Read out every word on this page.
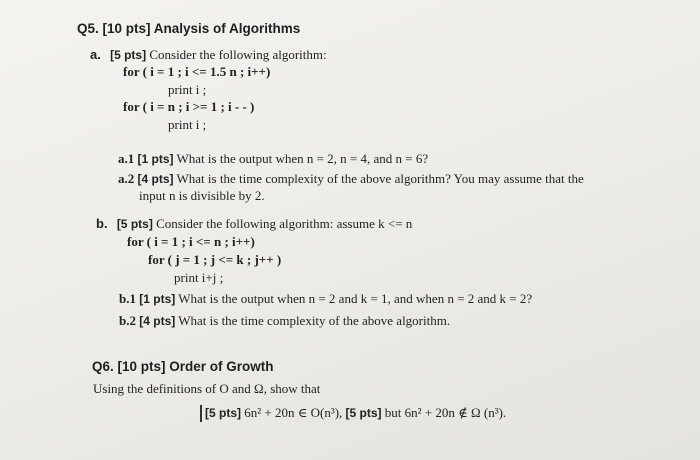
Q5. [10 pts] Analysis of Algorithms
a. [5 pts] Consider the following algorithm:
for ( i = 1 ; i <= 1.5 n ; i++)
print i ;
for ( i = n ; i >= 1 ; i - - )
print i ;
a.1 [1 pts] What is the output when n = 2, n = 4, and n = 6?
a.2 [4 pts] What is the time complexity of the above algorithm? You may assume that the
input n is divisible by 2.
b. [5 pts] Consider the following algorithm: assume k <= n
for ( i = 1 ; i <= n ; i++)
for ( j = 1 ; j <= k ; j++ )
print i+j ;
b.1 [1 pts] What is the output when n = 2 and k = 1, and when n = 2 and k = 2?
b.2 [4 pts] What is the time complexity of the above algorithm.
Q6. [10 pts] Order of Growth
Using the definitions of O and Ω, show that
[5 pts] 6n² + 20n ∈ O(n³), [5 pts] but 6n² + 20n ∉ Ω (n³).
